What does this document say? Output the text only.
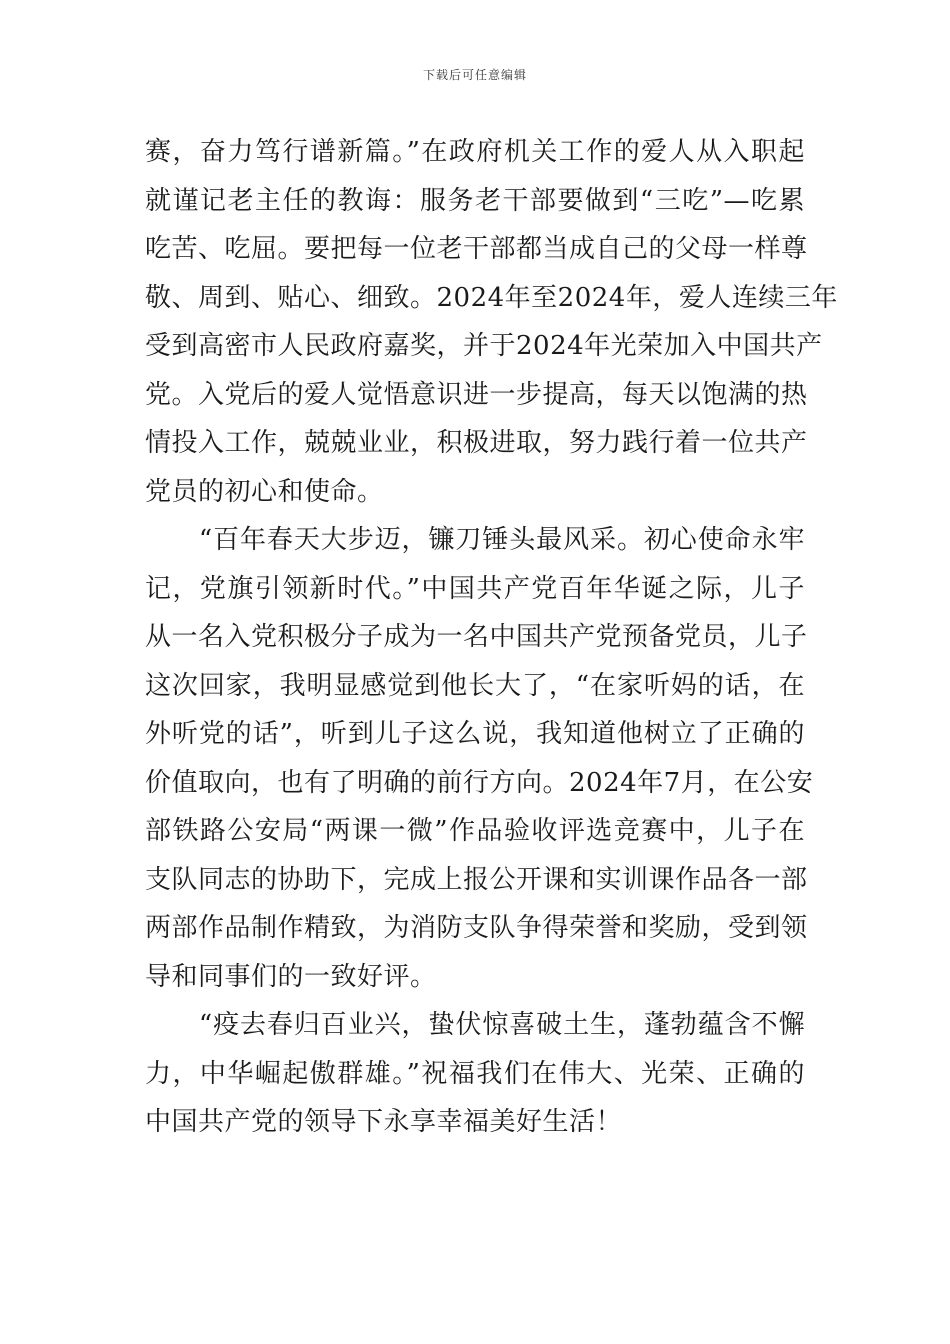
下载后可任意编辑
赛，奋力笃行谱新篇。”在政府机关工作的爱人从入职起
就谨记老主任的教诲：服务老干部要做到“三吃”—吃累
吃苦、吃屈。要把每一位老干部都当成自己的父母一样尊
敬、周到、贴心、细致。2024年至2024年，爱人连续三年
受到高密市人民政府嘉奖，并于2024年光荣加入中国共产
党。入党后的爱人觉悟意识进一步提高，每天以饱满的热
情投入工作，兢兢业业，积极进取，努力践行着一位共产
党员的初心和使命。
　　“百年春天大步迈，镰刀锤头最风采。初心使命永牢
记，党旗引领新时代。”中国共产党百年华诞之际，儿子
从一名入党积极分子成为一名中国共产党预备党员，儿子
这次回家，我明显感觉到他长大了，“在家听妈的话，在
外听党的话”，听到儿子这么说，我知道他树立了正确的
价值取向，也有了明确的前行方向。2024年7月，在公安
部铁路公安局“两课一微”作品验收评选竞赛中，儿子在
支队同志的协助下，完成上报公开课和实训课作品各一部
两部作品制作精致，为消防支队争得荣誉和奖励，受到领
导和同事们的一致好评。
　　“疫去春归百业兴，蛰伏惊喜破土生，蓬勃蕴含不懈
力，中华崛起傲群雄。”祝福我们在伟大、光荣、正确的
中国共产党的领导下永享幸福美好生活！
